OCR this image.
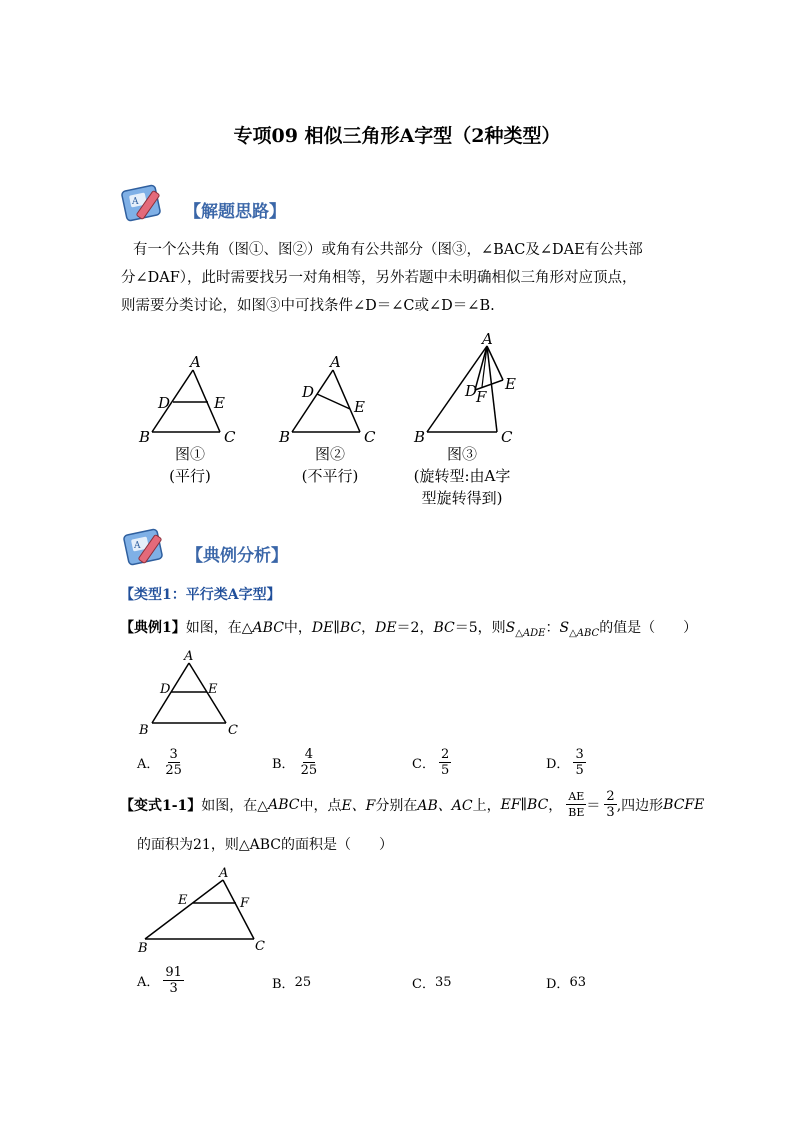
专项09 相似三角形A字型（2种类型）
A	【解题思路】

有一个公共角（图①、图②）或角有公共部分（图③，∠BAC及∠DAE有公共部

分∠DAF），此时需要找另一对角相等，另外若题中未明确相似三角形对应顶点，

则需要分类讨论，如图③中可找条件∠D＝∠C或∠D＝∠B.

A
D	E
B	C
图①
(平行)
A
D
E
B	C
图②
(不平行)
A
D E
F
B	C
图③
(旋转型:由A字
型旋转得到)
A	【典例分析】
【类型1：平行类A字型】
【典例1】如图，在△ABC中，DE∥BC，DE＝2，BC＝5，则$S_{\triangle ADE}$：$S_{\triangle ABC}$的值是（　　）
A
D	E
B	C
A． $\frac{3}{25}$	B． $\frac{4}{25}$	C． $\frac{2}{5}$	D． $\frac{3}{5}$
【变式1-1】 如图，在△ ABC 中，点 E、F 分别在 AB、AC 上， EF∥BC ， $\frac{AE}{BE} = \frac{2}{3}$ ,四边形 BCFE
的面积为21，则△ABC的面积是（　　）
A
E	F
B	C
A． $\frac{91}{3}$	B． 25	C． 35	D． 63
